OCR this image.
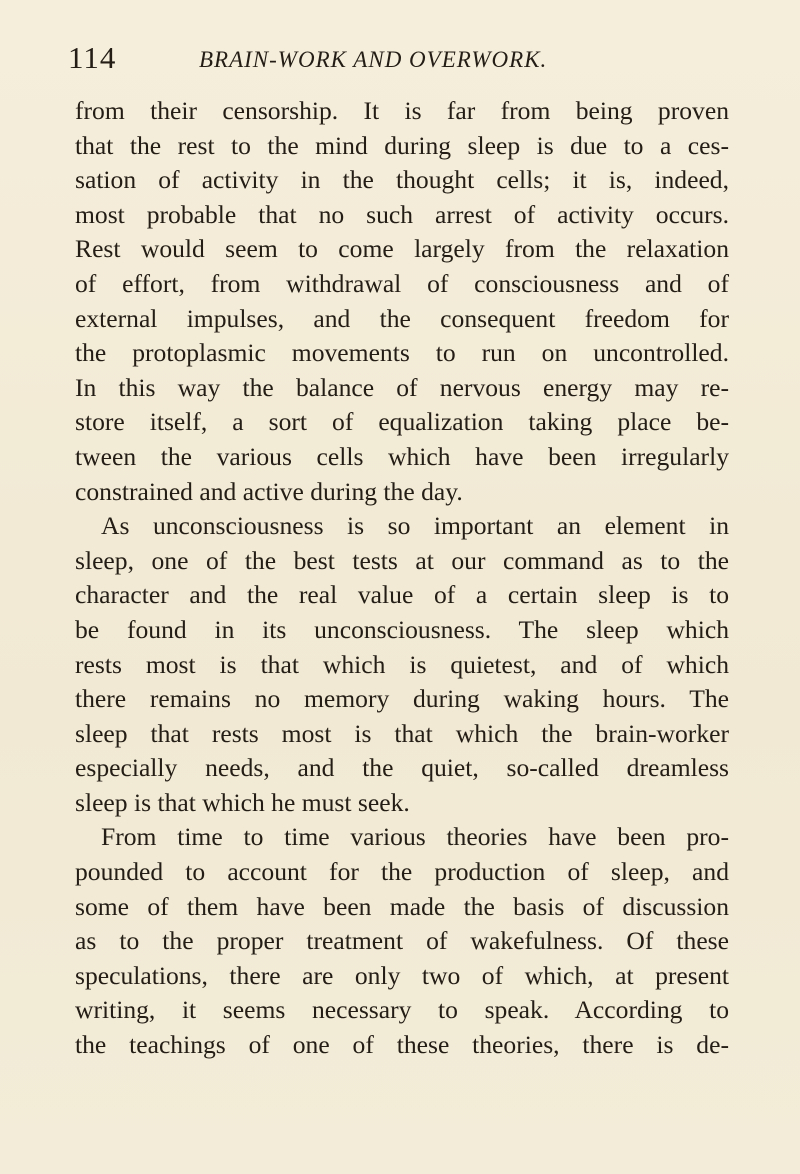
114	BRAIN-WORK AND OVERWORK.
from their censorship. It is far from being proven
that the rest to the mind during sleep is due to a ces-
sation of activity in the thought cells; it is, indeed,
most probable that no such arrest of activity occurs.
Rest would seem to come largely from the relaxation
of effort, from withdrawal of consciousness and of
external impulses, and the consequent freedom for
the protoplasmic movements to run on uncontrolled.
In this way the balance of nervous energy may re-
store itself, a sort of equalization taking place be-
tween the various cells which have been irregularly
constrained and active during the day.
As unconsciousness is so important an element in
sleep, one of the best tests at our command as to the
character and the real value of a certain sleep is to
be found in its unconsciousness. The sleep which
rests most is that which is quietest, and of which
there remains no memory during waking hours. The
sleep that rests most is that which the brain-worker
especially needs, and the quiet, so-called dreamless
sleep is that which he must seek.
From time to time various theories have been pro-
pounded to account for the production of sleep, and
some of them have been made the basis of discussion
as to the proper treatment of wakefulness. Of these
speculations, there are only two of which, at present
writing, it seems necessary to speak. According to
the teachings of one of these theories, there is de-
